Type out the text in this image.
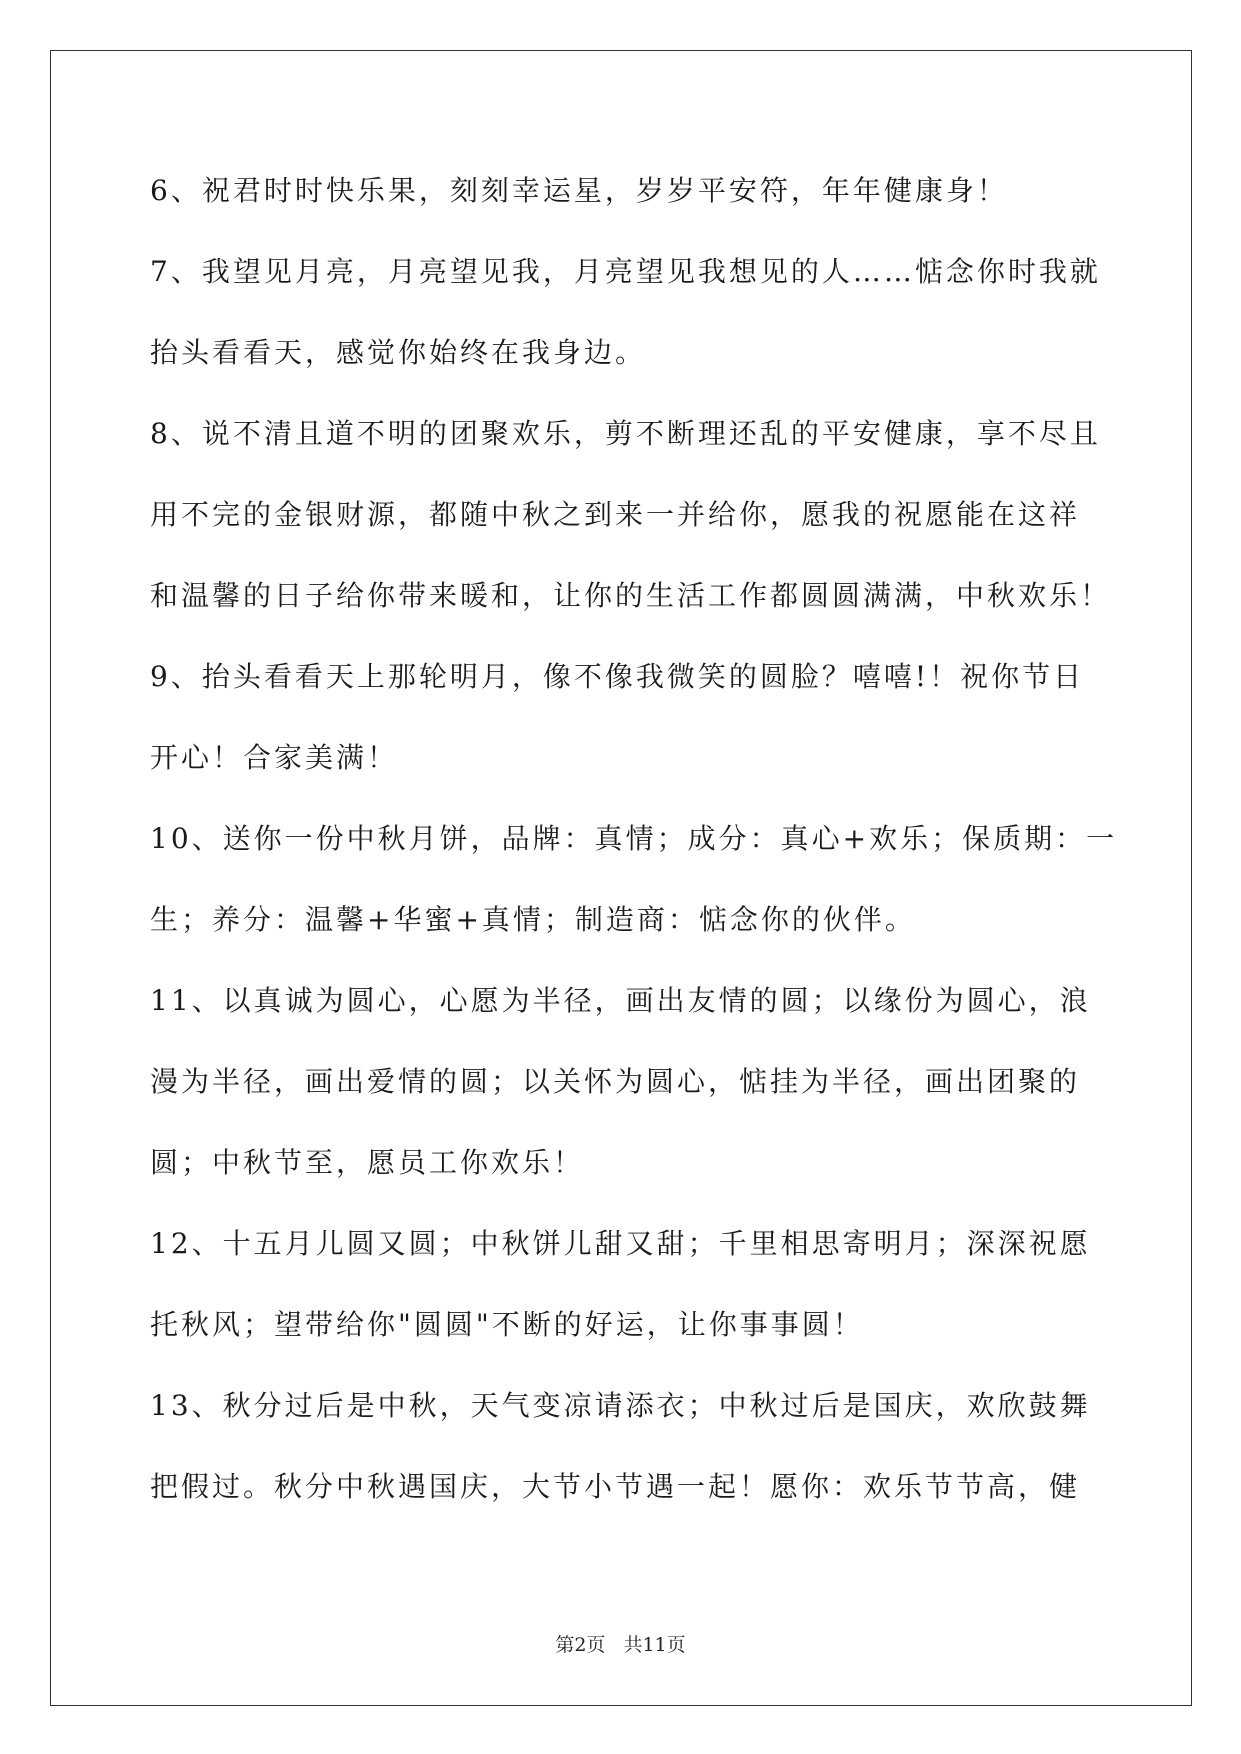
6、祝君时时快乐果，刻刻幸运星，岁岁平安符，年年健康身！
7、我望见月亮，月亮望见我，月亮望见我想见的人……惦念你时我就
抬头看看天，感觉你始终在我身边。
8、说不清且道不明的团聚欢乐，剪不断理还乱的平安健康，享不尽且
用不完的金银财源，都随中秋之到来一并给你，愿我的祝愿能在这祥
和温馨的日子给你带来暖和，让你的生活工作都圆圆满满，中秋欢乐！
9、抬头看看天上那轮明月，像不像我微笑的圆脸？嘻嘻!！祝你节日
开心！合家美满！
10、送你一份中秋月饼，品牌：真情；成分：真心+欢乐；保质期：一
生；养分：温馨+华蜜+真情；制造商：惦念你的伙伴。
11、以真诚为圆心，心愿为半径，画出友情的圆；以缘份为圆心，浪
漫为半径，画出爱情的圆；以关怀为圆心，惦挂为半径，画出团聚的
圆；中秋节至，愿员工你欢乐！
12、十五月儿圆又圆；中秋饼儿甜又甜；千里相思寄明月；深深祝愿
托秋风；望带给你"圆圆"不断的好运，让你事事圆！
13、秋分过后是中秋，天气变凉请添衣；中秋过后是国庆，欢欣鼓舞
把假过。秋分中秋遇国庆，大节小节遇一起！愿你：欢乐节节高，健
第2页 共11页
